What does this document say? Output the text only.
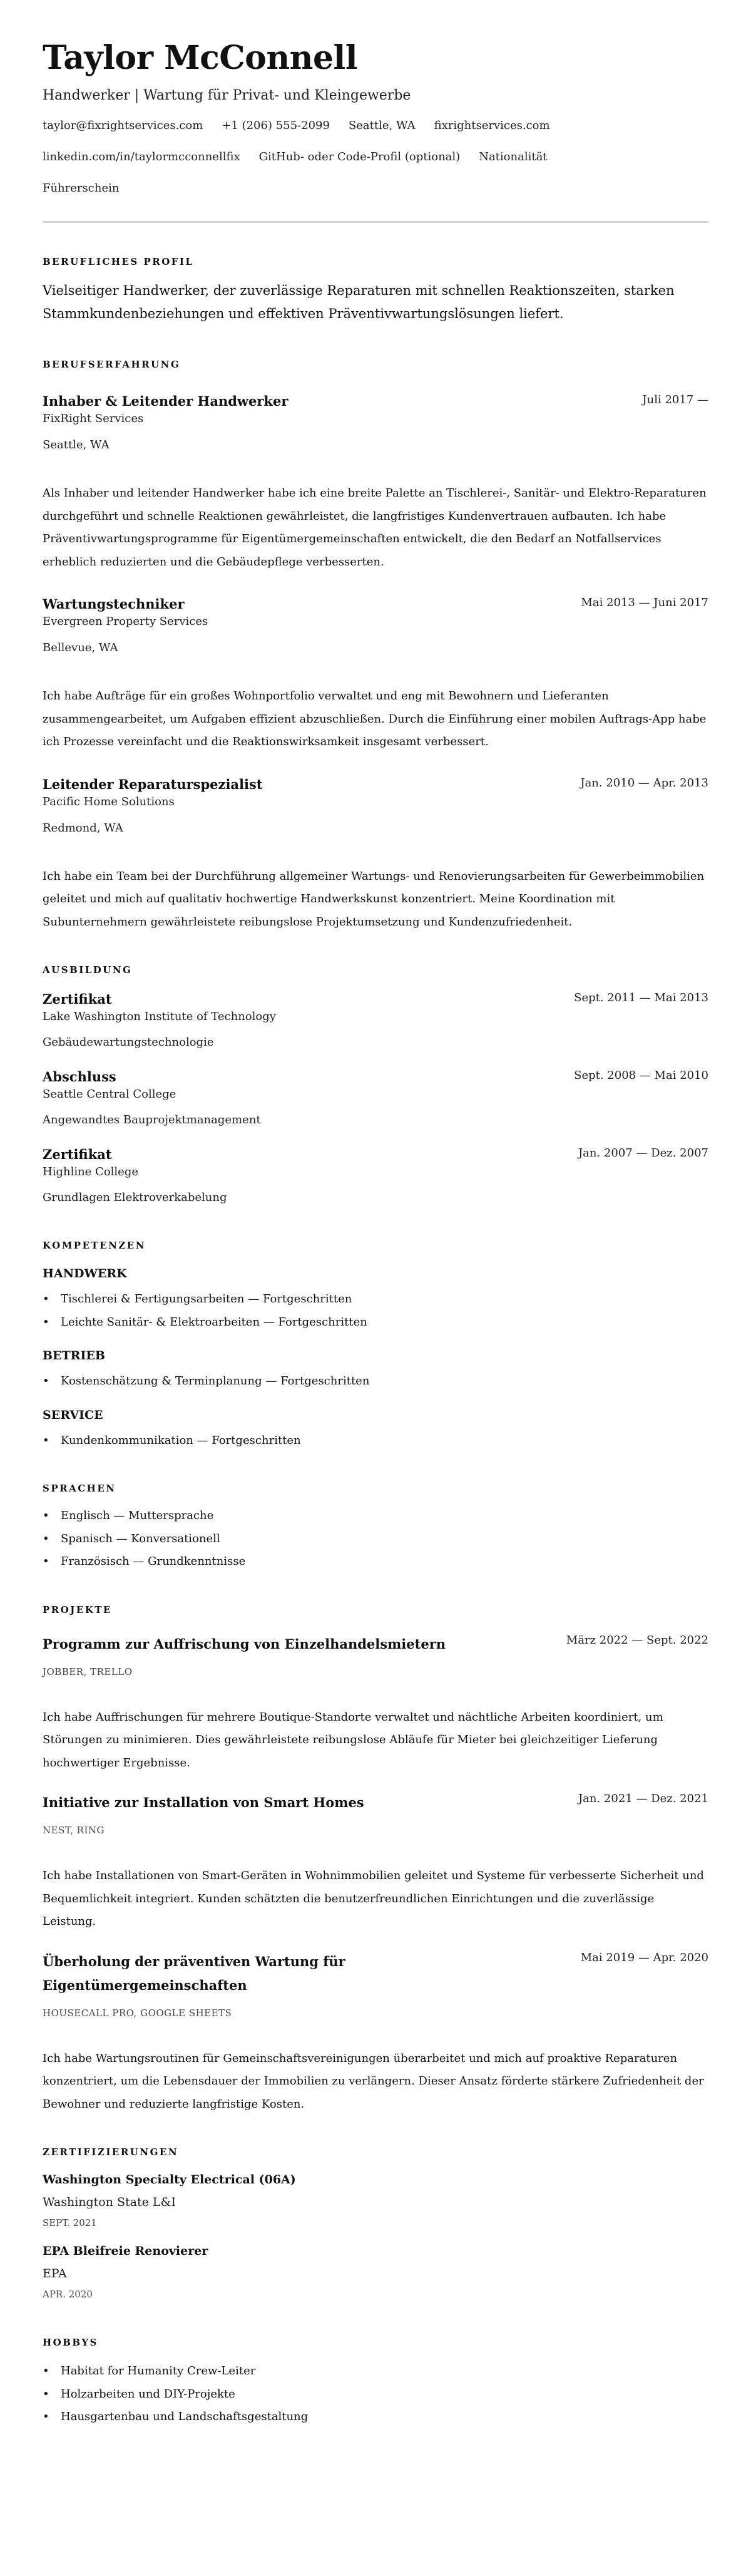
Taylor McConnell
Handwerker | Wartung für Privat- und Kleingewerbe
taylor@fixrightservices.com +1 (206) 555-2099 Seattle, WA fixrightservices.com
linkedin.com/in/taylormcconnellfix GitHub- oder Code-Profil (optional) Nationalität
Führerschein
BERUFLICHES PROFIL
Vielseitiger Handwerker, der zuverlässige Reparaturen mit schnellen Reaktionszeiten, starken Stammkundenbeziehungen und effektiven Präventivwartungslösungen liefert.
BERUFSERFAHRUNG
Inhaber & Leitender Handwerker	Juli 2017 —
FixRight Services
Seattle, WA
Als Inhaber und leitender Handwerker habe ich eine breite Palette an Tischlerei-, Sanitär- und Elektro-Reparaturen durchgeführt und schnelle Reaktionen gewährleistet, die langfristiges Kundenvertrauen aufbauten. Ich habe Präventivwartungsprogramme für Eigentümergemeinschaften entwickelt, die den Bedarf an Notfallservices erheblich reduzierten und die Gebäudepflege verbesserten.
Wartungstechniker	Mai 2013 — Juni 2017
Evergreen Property Services
Bellevue, WA
Ich habe Aufträge für ein großes Wohnportfolio verwaltet und eng mit Bewohnern und Lieferanten zusammengearbeitet, um Aufgaben effizient abzuschließen. Durch die Einführung einer mobilen Auftrags-App habe ich Prozesse vereinfacht und die Reaktionswirksamkeit insgesamt verbessert.
Leitender Reparaturspezialist	Jan. 2010 — Apr. 2013
Pacific Home Solutions
Redmond, WA
Ich habe ein Team bei der Durchführung allgemeiner Wartungs- und Renovierungsarbeiten für Gewerbeimmobilien geleitet und mich auf qualitativ hochwertige Handwerkskunst konzentriert. Meine Koordination mit Subunternehmern gewährleistete reibungslose Projektumsetzung und Kundenzufriedenheit.
AUSBILDUNG
Zertifikat	Sept. 2011 — Mai 2013
Lake Washington Institute of Technology
Gebäudewartungstechnologie
Abschluss	Sept. 2008 — Mai 2010
Seattle Central College
Angewandtes Bauprojektmanagement
Zertifikat	Jan. 2007 — Dez. 2007
Highline College
Grundlagen Elektroverkabelung
KOMPETENZEN
HANDWERK
• Tischlerei & Fertigungsarbeiten — Fortgeschritten
• Leichte Sanitär- & Elektroarbeiten — Fortgeschritten
BETRIEB
• Kostenschätzung & Terminplanung — Fortgeschritten
SERVICE
• Kundenkommunikation — Fortgeschritten
SPRACHEN
• Englisch — Muttersprache
• Spanisch — Konversationell
• Französisch — Grundkenntnisse
PROJEKTE
Programm zur Auffrischung von Einzelhandelsmietern	März 2022 — Sept. 2022
JOBBER, TRELLO
Ich habe Auffrischungen für mehrere Boutique-Standorte verwaltet und nächtliche Arbeiten koordiniert, um Störungen zu minimieren. Dies gewährleistete reibungslose Abläufe für Mieter bei gleichzeitiger Lieferung hochwertiger Ergebnisse.
Initiative zur Installation von Smart Homes	Jan. 2021 — Dez. 2021
NEST, RING
Ich habe Installationen von Smart-Geräten in Wohnimmobilien geleitet und Systeme für verbesserte Sicherheit und Bequemlichkeit integriert. Kunden schätzten die benutzerfreundlichen Einrichtungen und die zuverlässige Leistung.
Überholung der präventiven Wartung für Eigentümergemeinschaften
Mai 2019 — Apr. 2020
HOUSECALL PRO, GOOGLE SHEETS
Ich habe Wartungsroutinen für Gemeinschaftsvereinigungen überarbeitet und mich auf proaktive Reparaturen konzentriert, um die Lebensdauer der Immobilien zu verlängern. Dieser Ansatz förderte stärkere Zufriedenheit der Bewohner und reduzierte langfristige Kosten.
ZERTIFIZIERUNGEN
Washington Specialty Electrical (06A)
Washington State L&I
SEPT. 2021
EPA Bleifreie Renovierer
EPA
APR. 2020
HOBBYS
• Habitat for Humanity Crew-Leiter
• Holzarbeiten und DIY-Projekte
• Hausgartenbau und Landschaftsgestaltung
